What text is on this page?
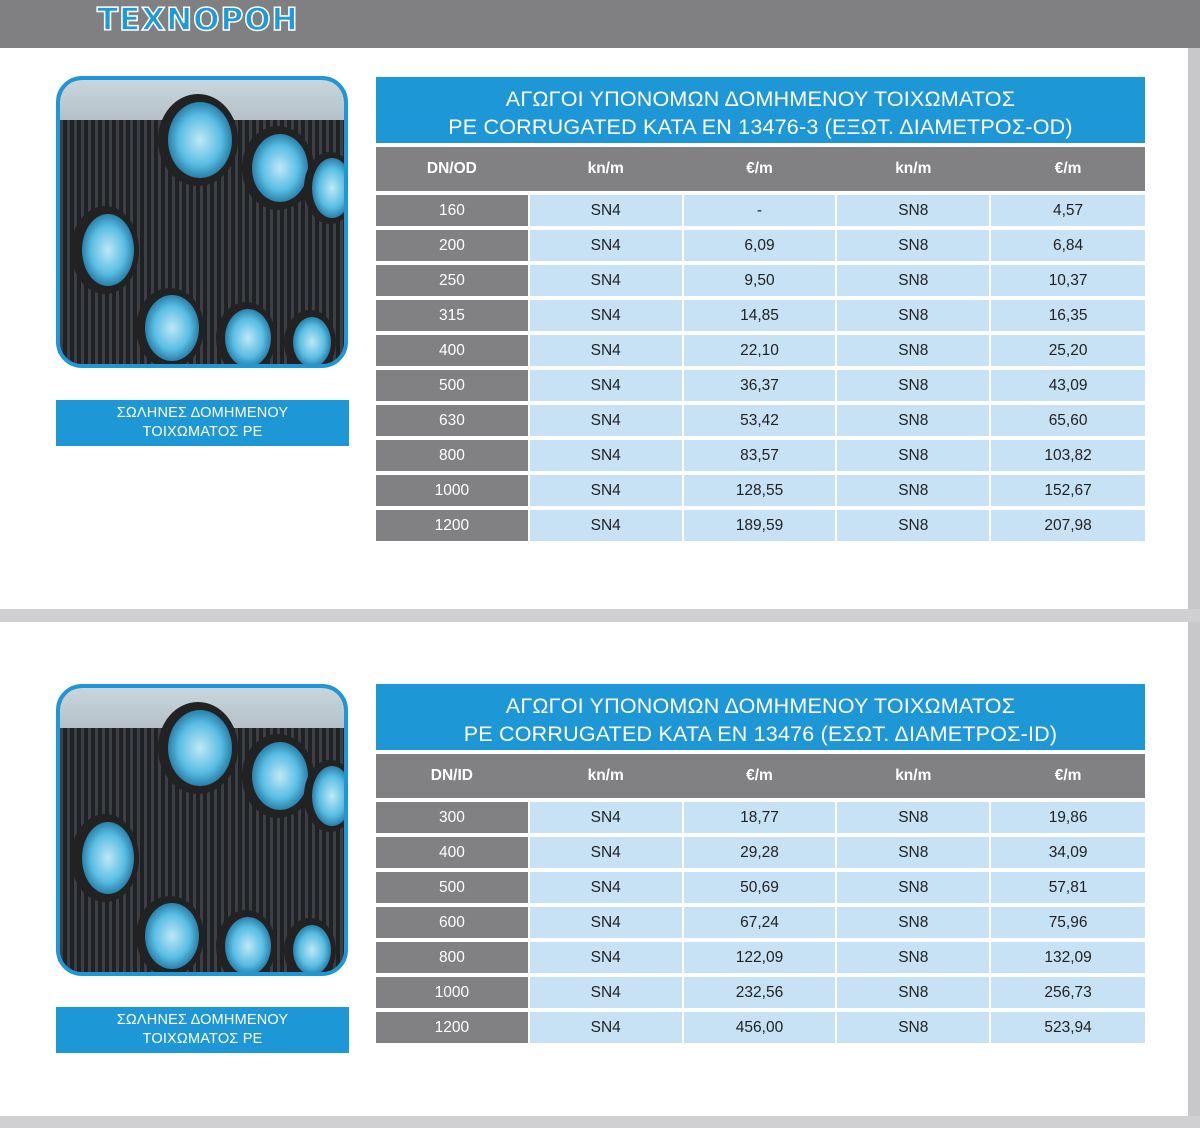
ΤΕΧΝΟΡΟΗ
ΣΩΛΗΝΕΣ ΔΟΜΗΜΕΝΟΥ
ΤΟΙΧΩΜΑΤΟΣ PE
ΑΓΩΓΟΙ ΥΠΟΝΟΜΩΝ ΔΟΜΗΜΕΝΟΥ ΤΟΙΧΩΜΑΤΟΣ
PE CORRUGATED ΚΑΤΑ EN 13476-3 (ΕΞΩΤ. ΔΙΑΜΕΤΡΟΣ-OD)
DN/OD	kn/m	€/m	kn/m	€/m
160	SN4	-	SN8	4,57
200	SN4	6,09	SN8	6,84
250	SN4	9,50	SN8	10,37
315	SN4	14,85	SN8	16,35
400	SN4	22,10	SN8	25,20
500	SN4	36,37	SN8	43,09
630	SN4	53,42	SN8	65,60
800	SN4	83,57	SN8	103,82
1000	SN4	128,55	SN8	152,67
1200	SN4	189,59	SN8	207,98
ΣΩΛΗΝΕΣ ΔΟΜΗΜΕΝΟΥ
ΤΟΙΧΩΜΑΤΟΣ PE
ΑΓΩΓΟΙ ΥΠΟΝΟΜΩΝ ΔΟΜΗΜΕΝΟΥ ΤΟΙΧΩΜΑΤΟΣ
PE CORRUGATED ΚΑΤΑ EN 13476 (ΕΣΩΤ. ΔΙΑΜΕΤΡΟΣ-ID)
DN/ID	kn/m	€/m	kn/m	€/m
300	SN4	18,77	SN8	19,86
400	SN4	29,28	SN8	34,09
500	SN4	50,69	SN8	57,81
600	SN4	67,24	SN8	75,96
800	SN4	122,09	SN8	132,09
1000	SN4	232,56	SN8	256,73
1200	SN4	456,00	SN8	523,94
